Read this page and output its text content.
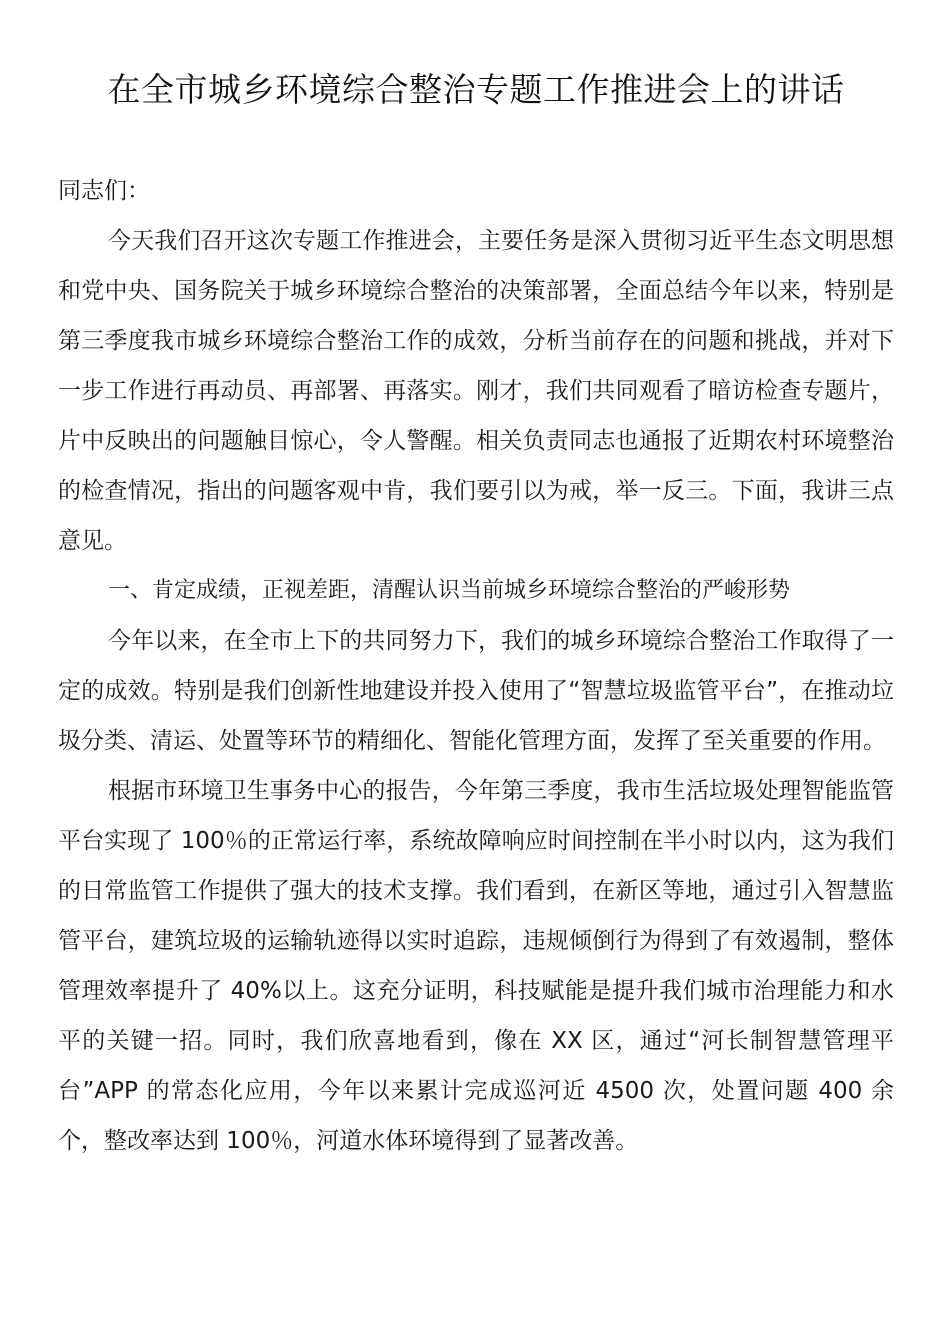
在全市城乡环境综合整治专题工作推进会上的讲话

同志们：

今天我们召开这次专题工作推进会，主要任务是深入贯彻习近平生态文明思想和党中央、国务院关于城乡环境综合整治的决策部署，全面总结今年以来，特别是第三季度我市城乡环境综合整治工作的成效，分析当前存在的问题和挑战，并对下一步工作进行再动员、再部署、再落实。刚才，我们共同观看了暗访检查专题片，片中反映出的问题触目惊心，令人警醒。相关负责同志也通报了近期农村环境整治的检查情况，指出的问题客观中肯，我们要引以为戒，举一反三。下面，我讲三点意见。

一、肯定成绩，正视差距，清醒认识当前城乡环境综合整治的严峻形势

今年以来，在全市上下的共同努力下，我们的城乡环境综合整治工作取得了一定的成效。特别是我们创新性地建设并投入使用了“智慧垃圾监管平台”，在推动垃圾分类、清运、处置等环节的精细化、智能化管理方面，发挥了至关重要的作用。

根据市环境卫生事务中心的报告，今年第三季度，我市生活垃圾处理智能监管平台实现了 100％的正常运行率，系统故障响应时间控制在半小时以内，这为我们的日常监管工作提供了强大的技术支撑。我们看到，在新区等地，通过引入智慧监管平台，建筑垃圾的运输轨迹得以实时追踪，违规倾倒行为得到了有效遏制，整体管理效率提升了 40%以上。这充分证明，科技赋能是提升我们城市治理能力和水平的关键一招。同时，我们欣喜地看到，像在 XX 区，通过“河长制智慧管理平台”APP 的常态化应用，今年以来累计完成巡河近 4500 次，处置问题 400 余个，整改率达到 100％，河道水体环境得到了显著改善。
